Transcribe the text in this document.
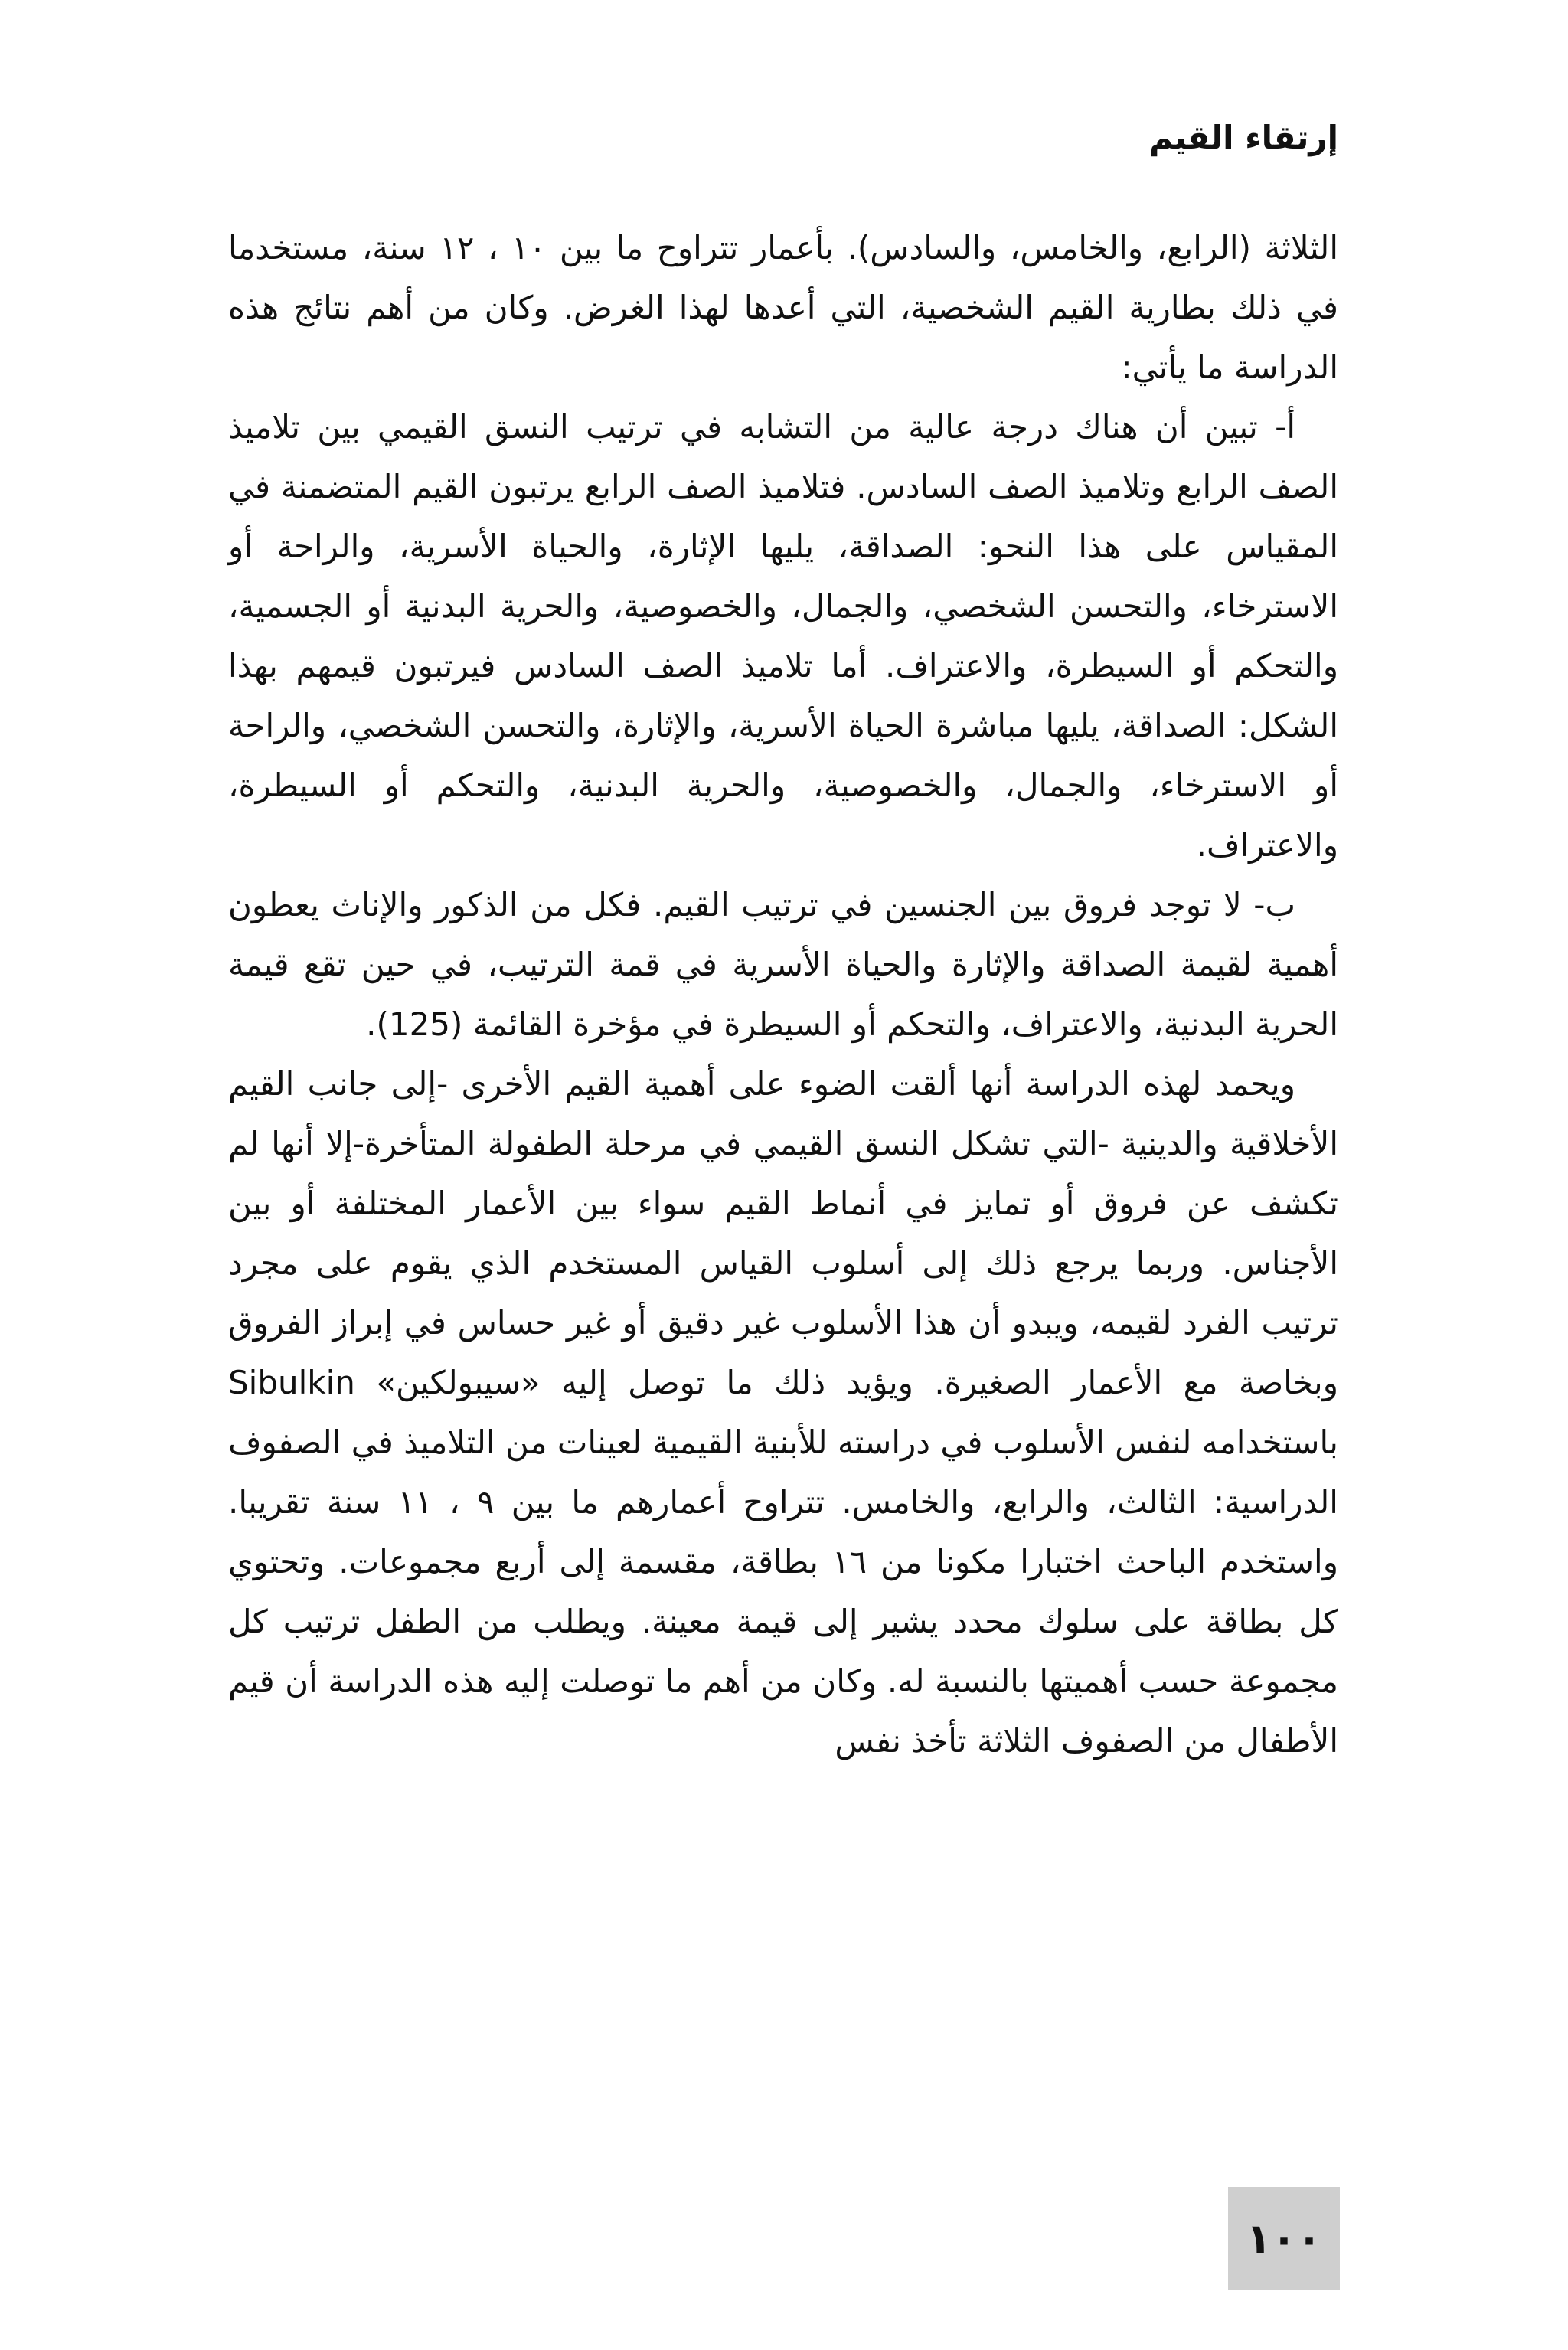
إرتقاء القيم

الثلاثة (الرابع، والخامس، والسادس). بأعمار تتراوح ما بين ١٠ ، ١٢ سنة، مستخدما في ذلك بطارية القيم الشخصية، التي أعدها لهذا الغرض. وكان من أهم نتائج هذه الدراسة ما يأتي:

أ- تبين أن هناك درجة عالية من التشابه في ترتيب النسق القيمي بين تلاميذ الصف الرابع وتلاميذ الصف السادس. فتلاميذ الصف الرابع يرتبون القيم المتضمنة في المقياس على هذا النحو: الصداقة، يليها الإثارة، والحياة الأسرية، والراحة أو الاسترخاء، والتحسن الشخصي، والجمال، والخصوصية، والحرية البدنية أو الجسمية، والتحكم أو السيطرة، والاعتراف. أما تلاميذ الصف السادس فيرتبون قيمهم بهذا الشكل: الصداقة، يليها مباشرة الحياة الأسرية، والإثارة، والتحسن الشخصي، والراحة أو الاسترخاء، والجمال، والخصوصية، والحرية البدنية، والتحكم أو السيطرة، والاعتراف.

ب- لا توجد فروق بين الجنسين في ترتيب القيم. فكل من الذكور والإناث يعطون أهمية لقيمة الصداقة والإثارة والحياة الأسرية في قمة الترتيب، في حين تقع قيمة الحرية البدنية، والاعتراف، والتحكم أو السيطرة في مؤخرة القائمة (125).

ويحمد لهذه الدراسة أنها ألقت الضوء على أهمية القيم الأخرى -إلى جانب القيم الأخلاقية والدينية -التي تشكل النسق القيمي في مرحلة الطفولة المتأخرة-إلا أنها لم تكشف عن فروق أو تمايز في أنماط القيم سواء بين الأعمار المختلفة أو بين الأجناس. وربما يرجع ذلك إلى أسلوب القياس المستخدم الذي يقوم على مجرد ترتيب الفرد لقيمه، ويبدو أن هذا الأسلوب غير دقيق أو غير حساس في إبراز الفروق وبخاصة مع الأعمار الصغيرة. ويؤيد ذلك ما توصل إليه «سيبولكين» Sibulkin باستخدامه لنفس الأسلوب في دراسته للأبنية القيمية لعينات من التلاميذ في الصفوف الدراسية: الثالث، والرابع، والخامس. تتراوح أعمارهم ما بين ٩ ، ١١ سنة تقريبا. واستخدم الباحث اختبارا مكونا من ١٦ بطاقة، مقسمة إلى أربع مجموعات. وتحتوي كل بطاقة على سلوك محدد يشير إلى قيمة معينة. ويطلب من الطفل ترتيب كل مجموعة حسب أهميتها بالنسبة له. وكان من أهم ما توصلت إليه هذه الدراسة أن قيم الأطفال من الصفوف الثلاثة تأخذ نفس

١٠٠
